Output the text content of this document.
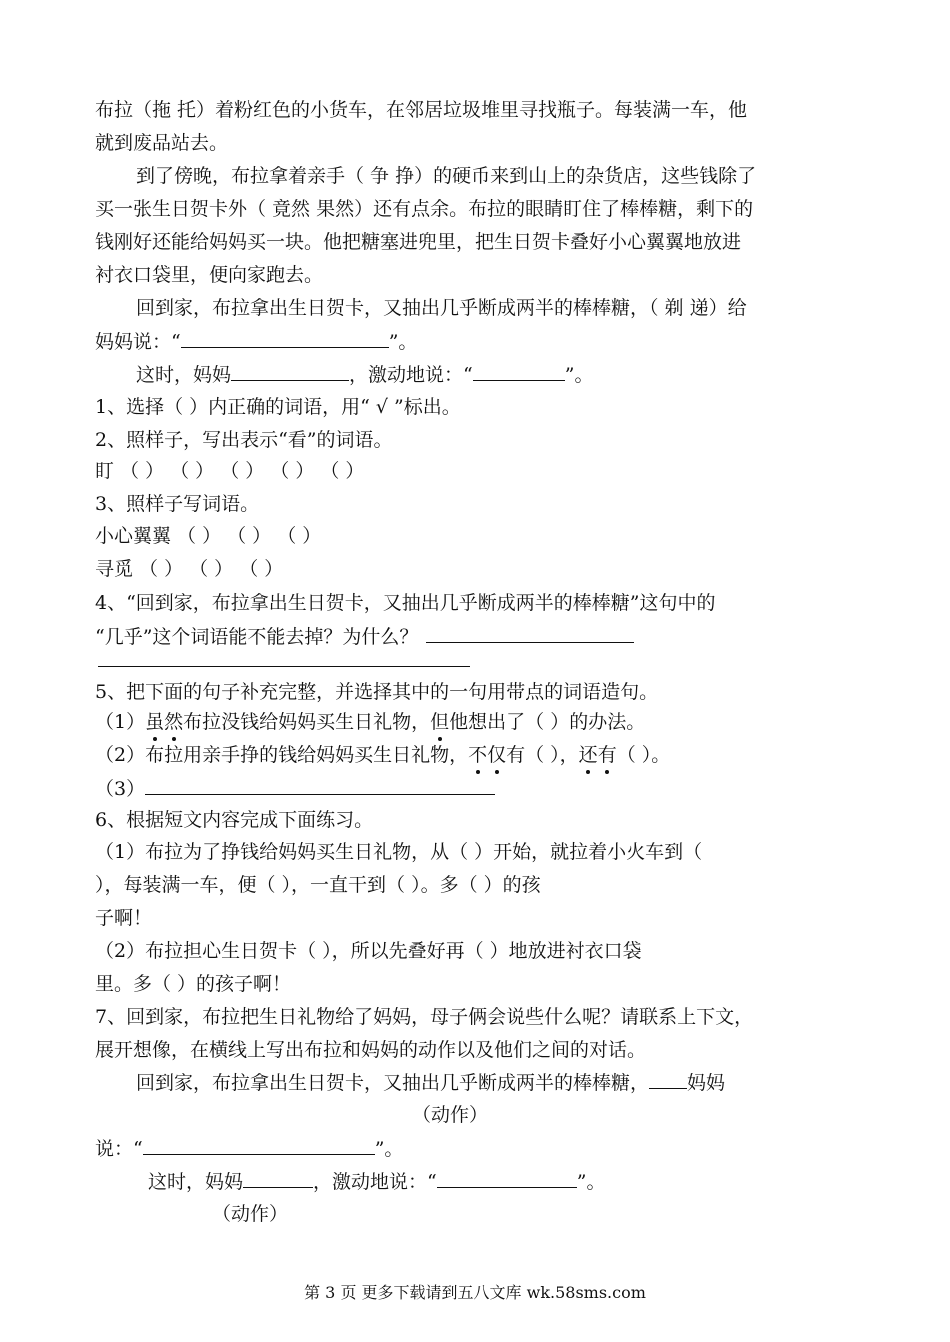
布拉（拖 托）着粉红色的小货车，在邻居垃圾堆里寻找瓶子。每装满一车，他
就到废品站去。
到了傍晚，布拉拿着亲手（ 争 挣）的硬币来到山上的杂货店，这些钱除了
买一张生日贺卡外（ 竟然 果然）还有点余。布拉的眼睛盯住了棒棒糖，剩下的
钱刚好还能给妈妈买一块。他把糖塞进兜里，把生日贺卡叠好小心翼翼地放进
衬衣口袋里，便向家跑去。
回到家，布拉拿出生日贺卡，又抽出几乎断成两半的棒棒糖，（ 剃 递）给
妈妈说：“	”。
这时，妈妈	，激动地说：“	”。
1、选择（ ）内正确的词语，用“ √ ”标出。
2、照样子，写出表示“看”的词语。
盯 （ ） （ ） （ ） （ ） （ ）
3、照样子写词语。
小心翼翼 （ ） （ ） （ ）
寻觅 （ ） （ ） （ ）
4、“回到家，布拉拿出生日贺卡，又抽出几乎断成两半的棒棒糖”这句中的
“几乎”这个词语能不能去掉？为什么？
5、把下面的句子补充完整，并选择其中的一句用带点的词语造句。
（1）虽然布拉没钱给妈妈买生日礼物，但他想出了（ ）的办法。
（2）布拉用亲手挣的钱给妈妈买生日礼物，不仅有（ ），还有（ ）。
（3）
6、根据短文内容完成下面练习。
（1）布拉为了挣钱给妈妈买生日礼物，从（ ）开始，就拉着小火车到（
），每装满一车，便（ ），一直干到（ ）。多（ ）的孩
子啊！
（2）布拉担心生日贺卡（ ），所以先叠好再（ ）地放进衬衣口袋
里。多（ ）的孩子啊！
7、回到家，布拉把生日礼物给了妈妈，母子俩会说些什么呢？请联系上下文，
展开想像，在横线上写出布拉和妈妈的动作以及他们之间的对话。
回到家，布拉拿出生日贺卡，又抽出几乎断成两半的棒棒糖， 妈妈
（动作）
说：“	”。
这时，妈妈	，激动地说：“	”。
（动作）
第 3 页 更多下载请到五八文库 wk.58sms.com
